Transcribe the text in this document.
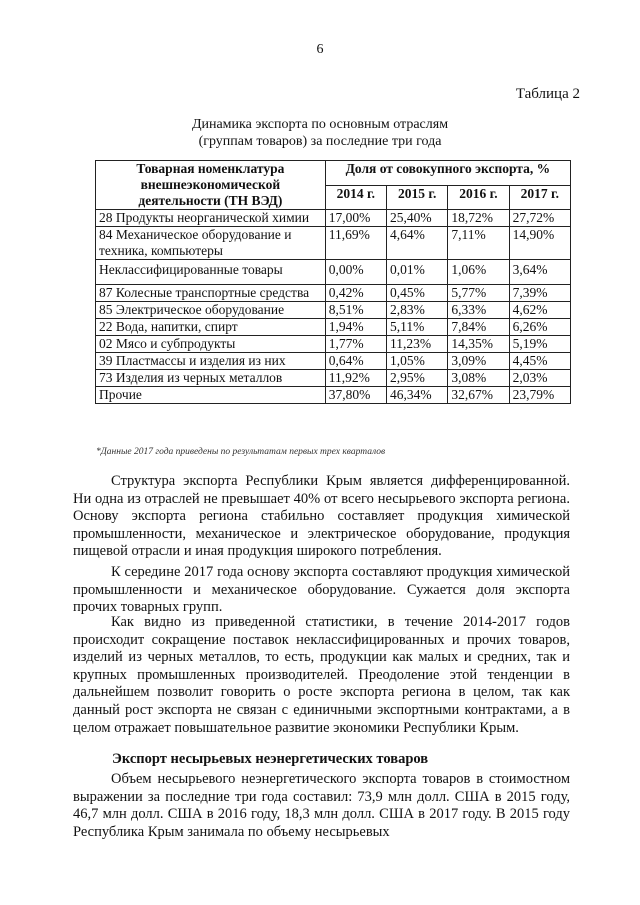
6
Таблица 2
Динамика экспорта по основным отраслям
(группам товаров) за последние три года
Товарная номенклатура внешнеэкономической деятельности (ТН ВЭД)	Доля от совокупного экспорта, %			
	2014 г.	2015 г.	2016 г.	2017 г.
28 Продукты неорганической химии	17,00%	25,40%	18,72%	27,72%
84 Механическое оборудование и техника, компьютеры	11,69%	4,64%	7,11%	14,90%
Неклассифицированные товары	0,00%	0,01%	1,06%	3,64%
87 Колесные транспортные средства	0,42%	0,45%	5,77%	7,39%
85 Электрическое оборудование	8,51%	2,83%	6,33%	4,62%
22 Вода, напитки, спирт	1,94%	5,11%	7,84%	6,26%
02 Мясо и субпродукты	1,77%	11,23%	14,35%	5,19%
39 Пластмассы и изделия из них	0,64%	1,05%	3,09%	4,45%
73 Изделия из черных металлов	11,92%	2,95%	3,08%	2,03%
Прочие	37,80%	46,34%	32,67%	23,79%
*Данные 2017 года приведены по результатам первых трех кварталов

Структура экспорта Республики Крым является дифференцированной. Ни одна из отраслей не превышает 40% от всего несырьевого экспорта региона. Основу экспорта региона стабильно составляет продукция химической промышленности, механическое и электрическое оборудование, продукция пищевой отрасли и иная продукция широкого потребления.

К середине 2017 года основу экспорта составляют продукция химической промышленности и механическое оборудование. Сужается доля экспорта прочих товарных групп.

Как видно из приведенной статистики, в течение 2014-2017 годов происходит сокращение поставок неклассифицированных и прочих товаров, изделий из черных металлов, то есть, продукции как малых и средних, так и крупных промышленных производителей. Преодоление этой тенденции в дальнейшем позволит говорить о росте экспорта региона в целом, так как данный рост экспорта не связан с единичными экспортными контрактами, а в целом отражает повышательное развитие экономики Республики Крым.

Экспорт несырьевых неэнергетических товаров

Объем несырьевого неэнергетического экспорта товаров в стоимостном выражении за последние три года составил: 73,9 млн долл. США в 2015 году, 46,7 млн долл. США в 2016 году, 18,3 млн долл. США в 2017 году. В 2015 году Республика Крым занимала по объему несырьевых
